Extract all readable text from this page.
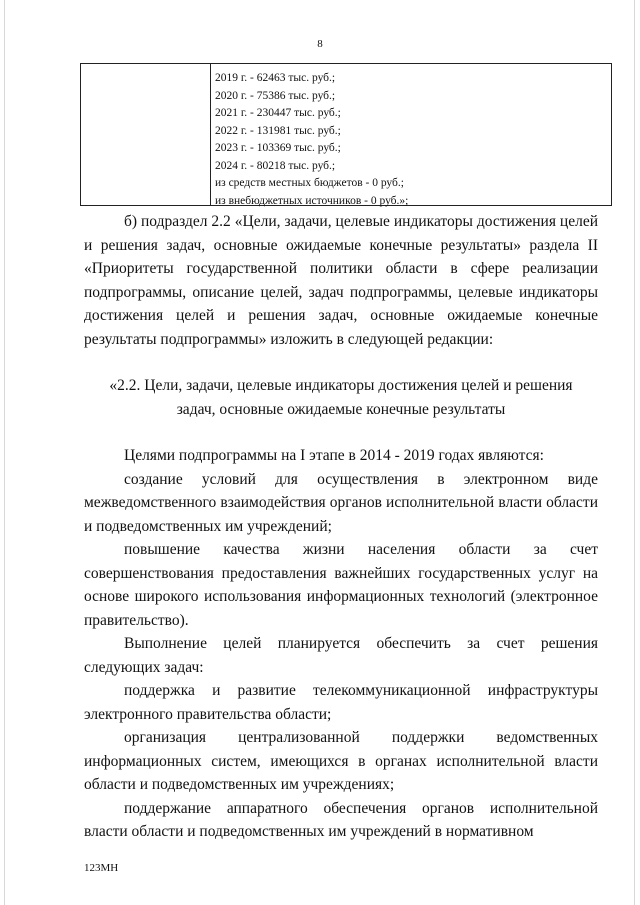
8
2019 г. - 62463 тыс. руб.;
2020 г. - 75386 тыс. руб.;
2021 г. - 230447 тыс. руб.;
2022 г. - 131981 тыс. руб.;
2023 г. - 103369 тыс. руб.;
2024 г. - 80218 тыс. руб.;
из средств местных бюджетов - 0 руб.;
из внебюджетных источников - 0 руб.»;

б) подраздел 2.2 «Цели, задачи, целевые индикаторы достижения целей и решения задач, основные ожидаемые конечные результаты» раздела II «Приоритеты государственной политики области в сфере реализации подпрограммы, описание целей, задач подпрограммы, целевые индикаторы достижения целей и решения задач, основные ожидаемые конечные результаты подпрограммы» изложить в следующей редакции:

«2.2. Цели, задачи, целевые индикаторы достижения целей и решения

задач, основные ожидаемые конечные результаты

Целями подпрограммы на I этапе в 2014 - 2019 годах являются:

создание условий для осуществления в электронном виде межведомственного взаимодействия органов исполнительной власти области и подведомственных им учреждений;

повышение качества жизни населения области за счет совершенствования предоставления важнейших государственных услуг на основе широкого использования информационных технологий (электронное правительство).

Выполнение целей планируется обеспечить за счет решения следующих задач:

поддержка и развитие телекоммуникационной инфраструктуры электронного правительства области;

организация централизованной поддержки ведомственных информационных систем, имеющихся в органах исполнительной власти области и подведомственных им учреждениях;

поддержание аппаратного обеспечения органов исполнительной власти области и подведомственных им учреждений в нормативном

123МН
